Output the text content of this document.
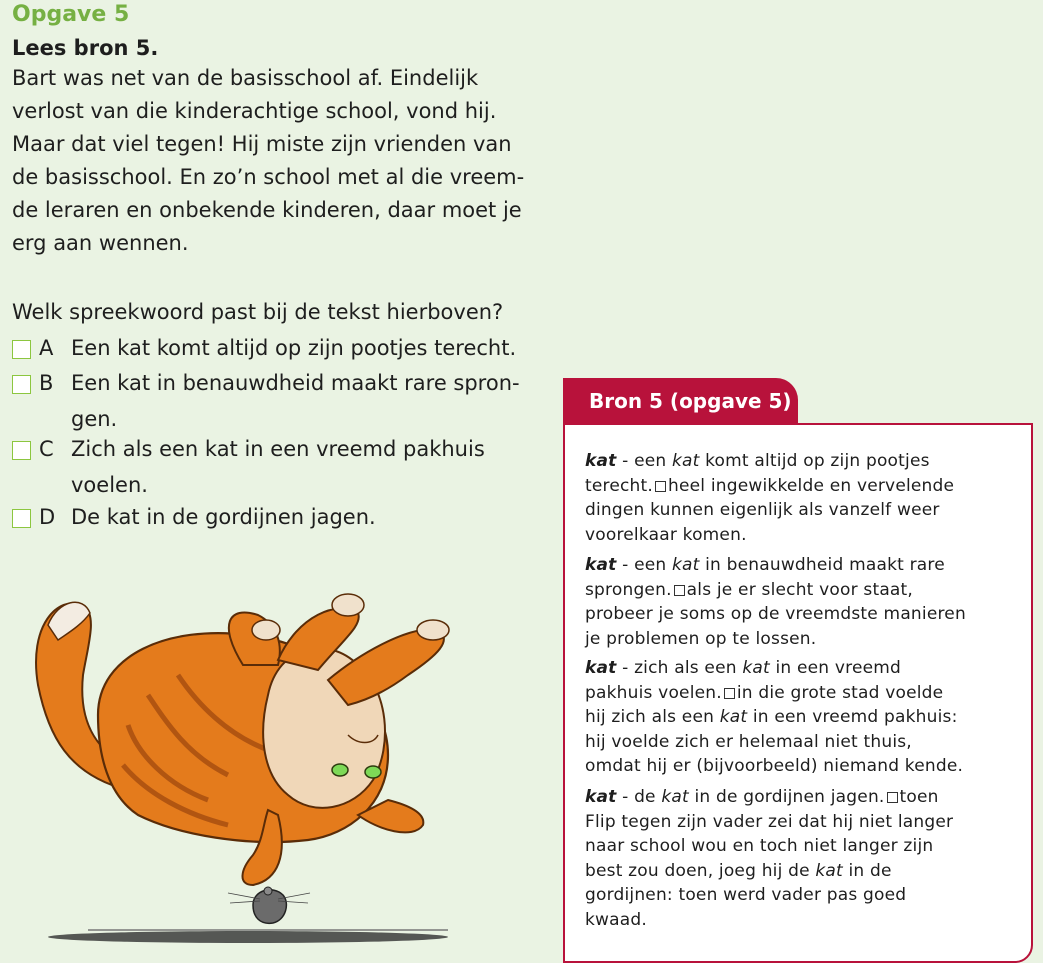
Opgave 5
Lees bron 5.
Bart was net van de basisschool af. Eindelijk
verlost van die kinderachtige school, vond hij.
Maar dat viel tegen! Hij miste zijn vrienden van
de basisschool. En zo’n school met al die vreem-
de leraren en onbekende kinderen, daar moet je
erg aan wennen.
Welk spreekwoord past bij de tekst hierboven?
A Een kat komt altijd op zijn pootjes terecht.
B Een kat in benauwdheid maakt rare spron-
gen.
C Zich als een kat in een vreemd pakhuis
voelen.
D De kat in de gordijnen jagen.
Bron 5 (opgave 5)
kat - een kat komt altijd op zijn pootjes
terecht. heel ingewikkelde en vervelende
dingen kunnen eigenlijk als vanzelf weer
voorelkaar komen.
kat - een kat in benauwdheid maakt rare
sprongen. als je er slecht voor staat,
probeer je soms op de vreemdste manieren
je problemen op te lossen.
kat - zich als een kat in een vreemd
pakhuis voelen. in die grote stad voelde
hij zich als een kat in een vreemd pakhuis:
hij voelde zich er helemaal niet thuis,
omdat hij er (bijvoorbeeld) niemand kende.
kat - de kat in de gordijnen jagen. toen
Flip tegen zijn vader zei dat hij niet langer
naar school wou en toch niet langer zijn
best zou doen, joeg hij de kat in de
gordijnen: toen werd vader pas goed
kwaad.
